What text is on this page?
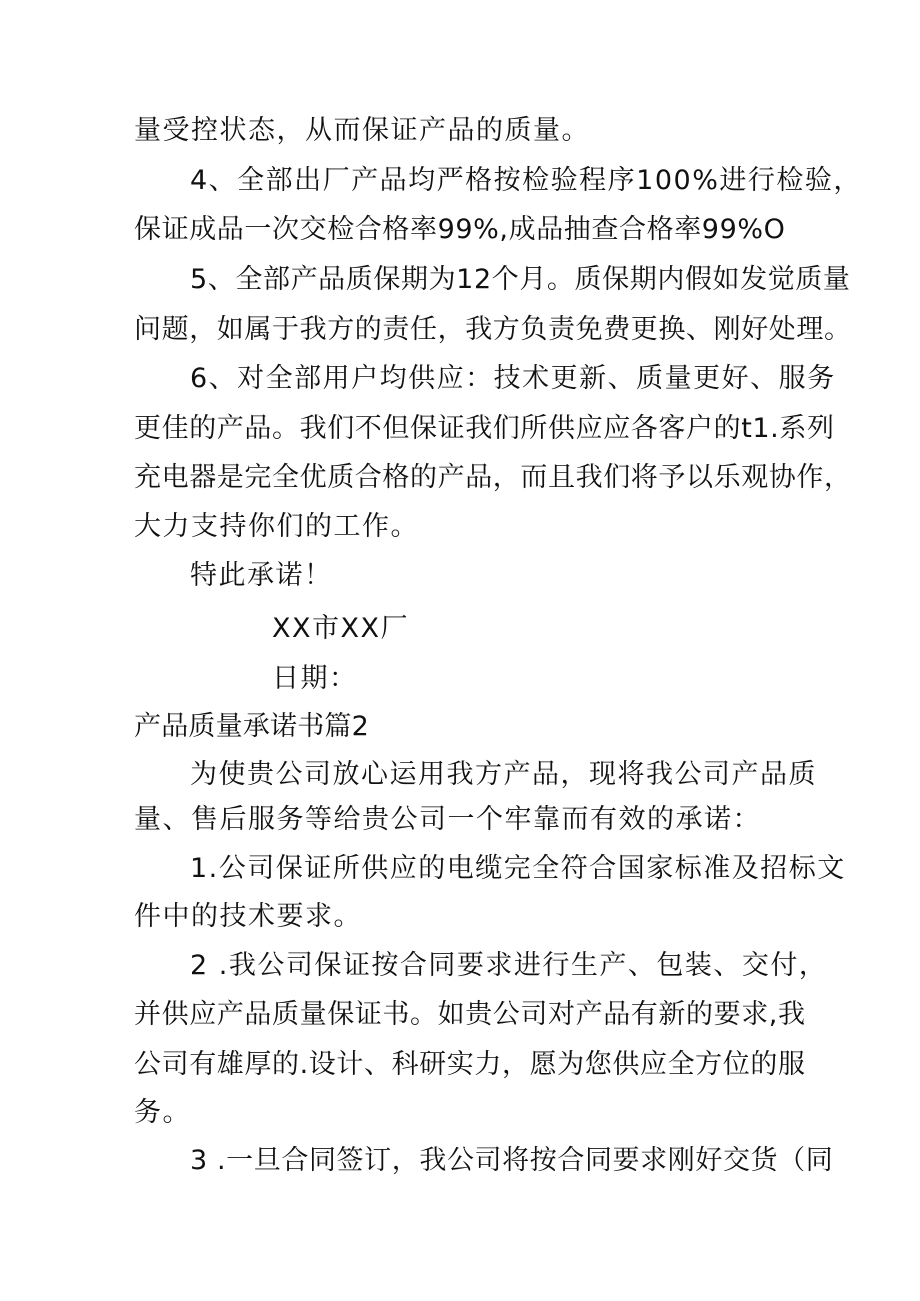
量受控状态，从而保证产品的质量。
4、全部出厂产品均严格按检验程序100%进行检验，
保证成品一次交检合格率99%,成品抽查合格率99%O
5、全部产品质保期为12个月。质保期内假如发觉质量
问题，如属于我方的责任，我方负责免费更换、刚好处理。
6、对全部用户均供应：技术更新、质量更好、服务
更佳的产品。我们不但保证我们所供应应各客户的t1.系列
充电器是完全优质合格的产品，而且我们将予以乐观协作，
大力支持你们的工作。
特此承诺！
XX市XX厂
日期：
产品质量承诺书篇2
为使贵公司放心运用我方产品，现将我公司产品质
量、售后服务等给贵公司一个牢靠而有效的承诺：
1.公司保证所供应的电缆完全符合国家标准及招标文
件中的技术要求。
2 .我公司保证按合同要求进行生产、包装、交付，
并供应产品质量保证书。如贵公司对产品有新的要求,我
公司有雄厚的.设计、科研实力，愿为您供应全方位的服
务。
3 .一旦合同签订，我公司将按合同要求刚好交货（同
